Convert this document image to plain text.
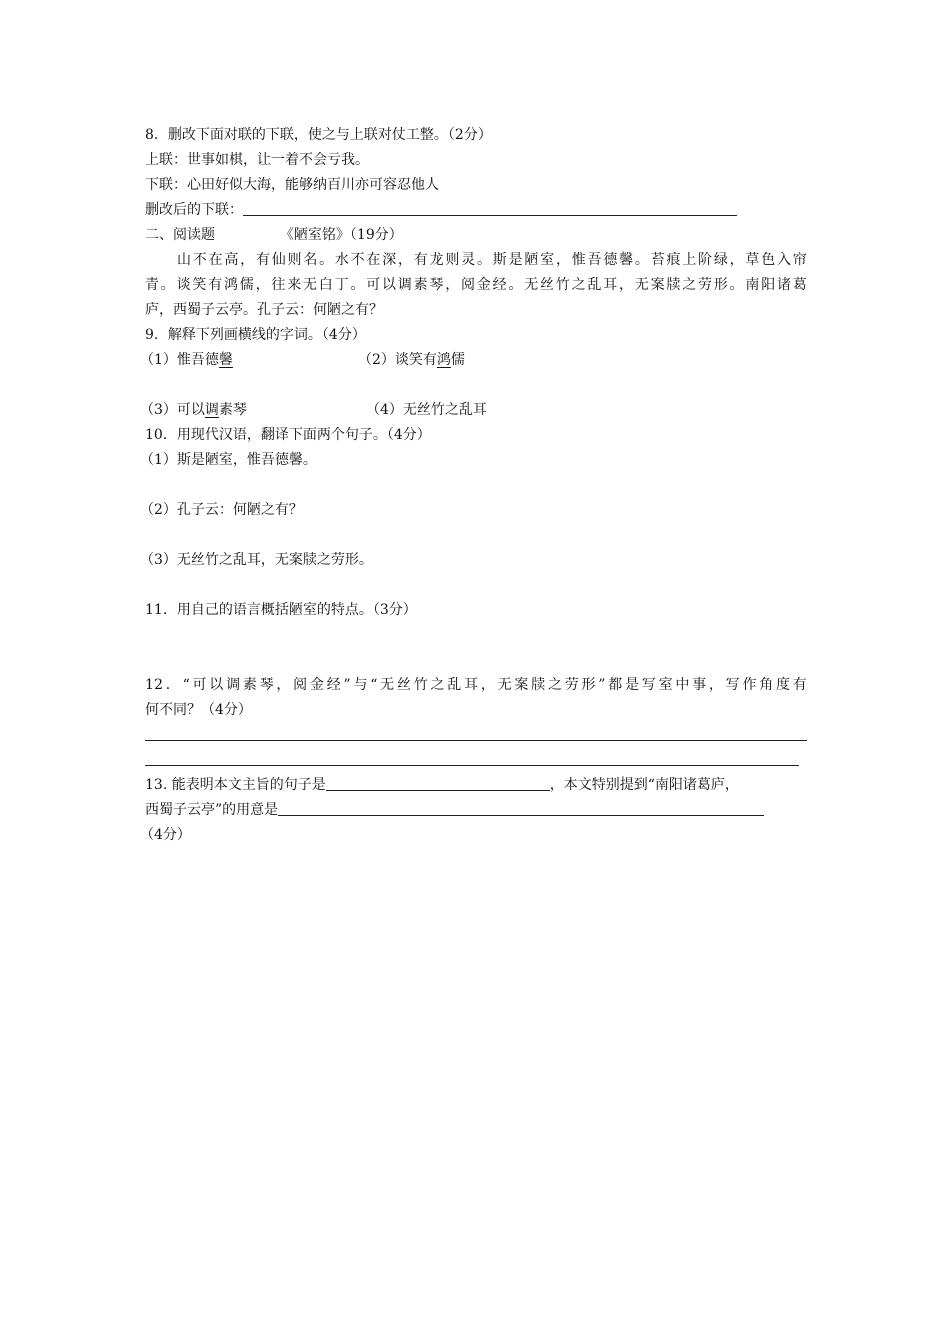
8．删改下面对联的下联，使之与上联对仗工整。（2分）
上联：世事如棋，让一着不会亏我。
下联：心田好似大海，能够纳百川亦可容忍他人
删改后的下联：
二、阅读题	《陋室铭》（19分）
山不在高，有仙则名。水不在深，有龙则灵。斯是陋室，惟吾德馨。苔痕上阶绿，草色入帘
青。谈笑有鸿儒，往来无白丁。可以调素琴，阅金经。无丝竹之乱耳，无案牍之劳形。南阳诸葛
庐，西蜀子云亭。孔子云：何陋之有？
9．解释下列画横线的字词。（4分）
（1）惟吾德馨	（2）谈笑有鸿儒
（3）可以调素琴	（4）无丝竹之乱耳
10．用现代汉语，翻译下面两个句子。（4分）
（1）斯是陋室，惟吾德馨。
（2）孔子云：何陋之有？
（3）无丝竹之乱耳，无案牍之劳形。
11．用自己的语言概括陋室的特点。（3分）
12．“可以调素琴，阅金经”与“无丝竹之乱耳，无案牍之劳形”都是写室中事，写作角度有
何不同？（4分）
13. 能表明本文主旨的句子是	，本文特别提到“南阳诸葛庐，
西蜀子云亭”的用意是
（4分）
